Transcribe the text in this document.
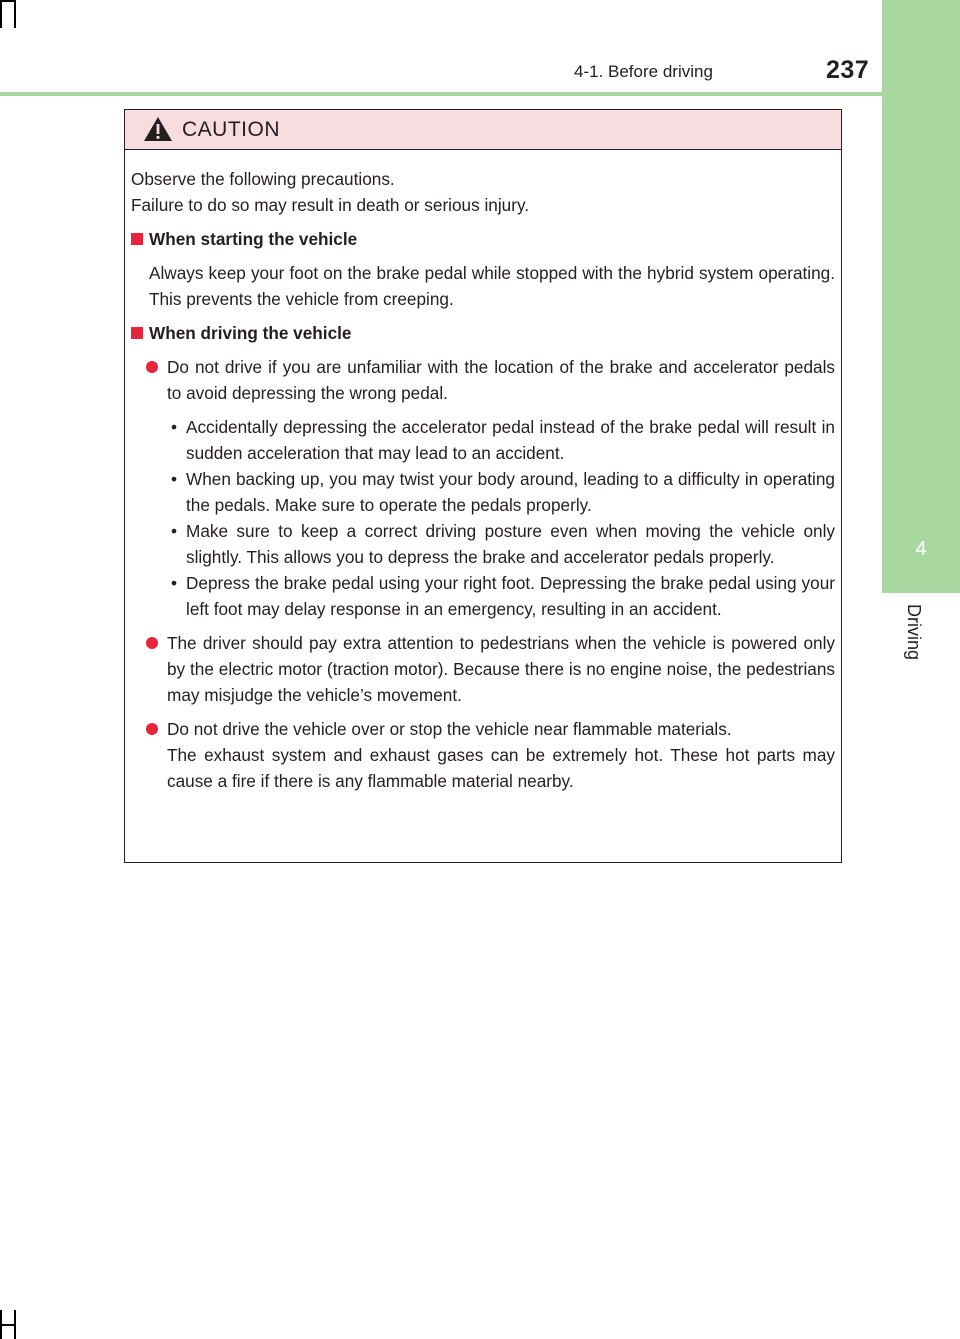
4-1. Before driving	237
4
Driving
CAUTION

Observe the following precautions.

Failure to do so may result in death or serious injury.

When starting the vehicle
Always keep your foot on the brake pedal while stopped with the hybrid system operating. This prevents the vehicle from creeping.
When driving the vehicle
Do not drive if you are unfamiliar with the location of the brake and accelerator pedals to avoid depressing the wrong pedal.
• Accidentally depressing the accelerator pedal instead of the brake pedal will result in sudden acceleration that may lead to an accident.
• When backing up, you may twist your body around, leading to a difficulty in operating the pedals. Make sure to operate the pedals properly.
• Make sure to keep a correct driving posture even when moving the vehicle only slightly. This allows you to depress the brake and accelerator pedals properly.
• Depress the brake pedal using your right foot. Depressing the brake pedal using your left foot may delay response in an emergency, resulting in an accident.
The driver should pay extra attention to pedestrians when the vehicle is powered only by the electric motor (traction motor). Because there is no engine noise, the pedestrians may misjudge the vehicle’s movement.
Do not drive the vehicle over or stop the vehicle near flammable materials.
The exhaust system and exhaust gases can be extremely hot. These hot parts may cause a fire if there is any flammable material nearby.
